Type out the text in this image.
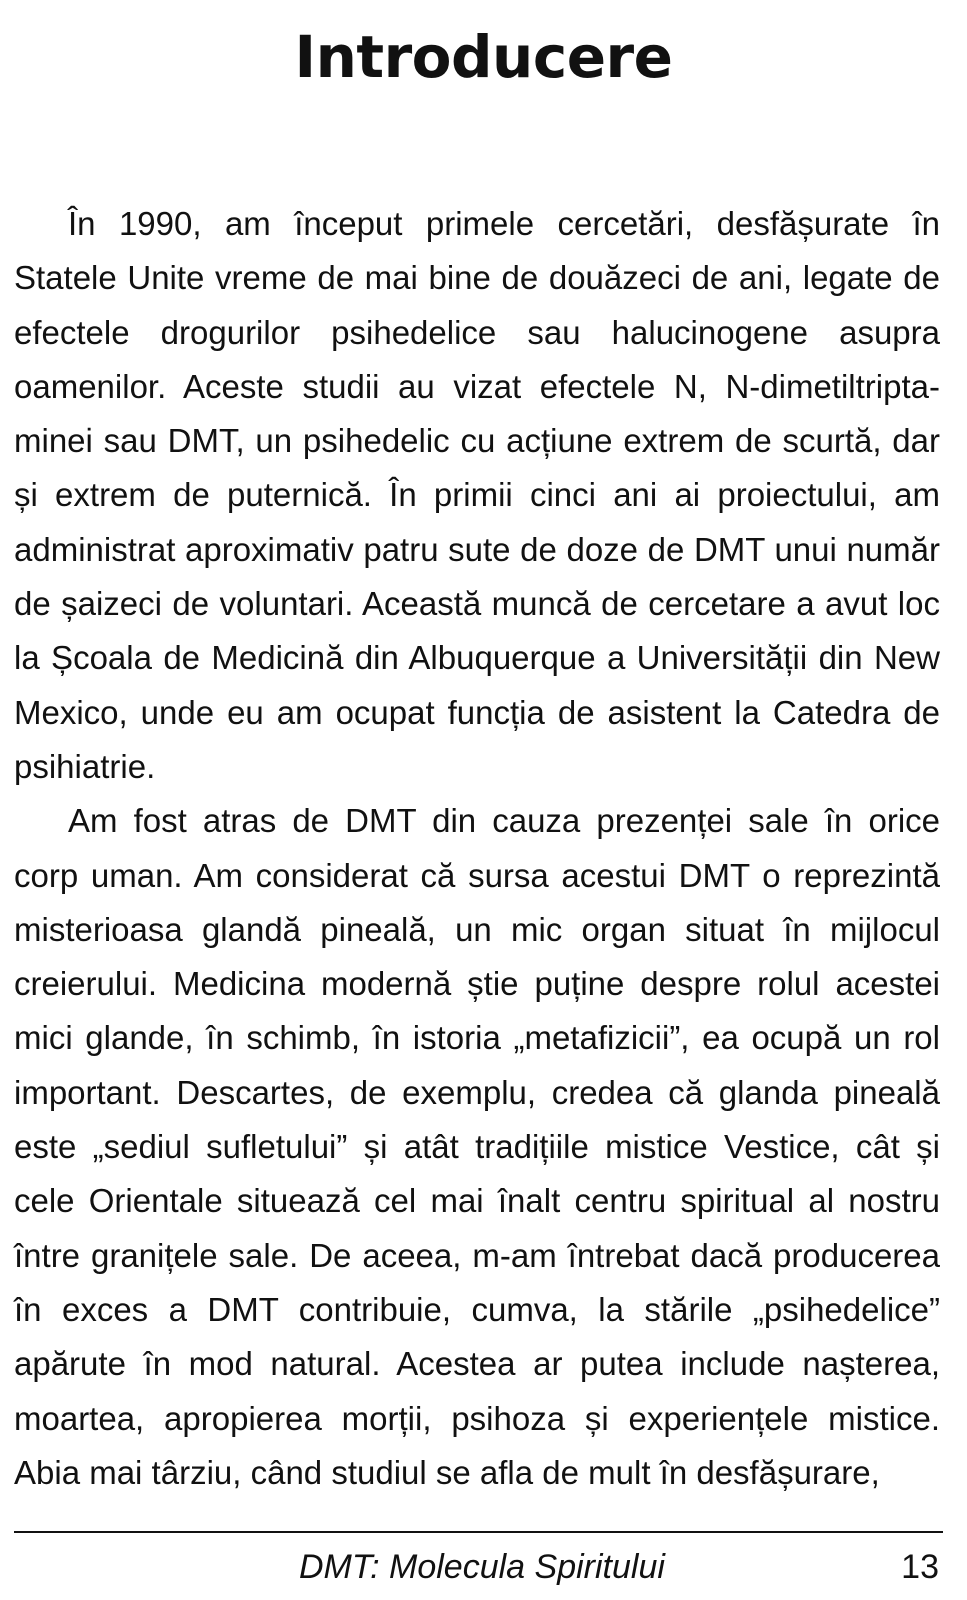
Introducere

În 1990, am început primele cercetări, desfășurate în Statele Unite vreme de mai bine de douăzeci de ani, legate de efectele drogurilor psihedelice sau halucinogene asupra oamenilor. Aceste studii au vizat efectele N, N-dimetiltriptamineі sau DMT, un psihedelic cu acțiune extrem de scurtă, dar și extrem de puternică. În primii cinci ani ai proiectului, am administrat aproximativ patru sute de doze de DMT unui număr de șaizeci de voluntari. Această muncă de cercetare a avut loc la Școala de Medicină din Albuquerque a Universității din New Mexico, unde eu am ocupat funcția de asistent la Catedra de psihiatrie.

Am fost atras de DMT din cauza prezenței sale în orice corp uman. Am considerat că sursa acestui DMT o reprezintă misterioasa glandă pineală, un mic organ situat în mijlocul creierului. Medicina modernă știe puține despre rolul acestei mici glande, în schimb, în istoria „metafizicii”, ea ocupă un rol important. Descartes, de exemplu, credea că glanda pineală este „sediul sufletului” și atât tradițiile mistice Vestice, cât și cele Orientale situează cel mai înalt centru spiritual al nostru între granițele sale. De aceea, m-am întrebat dacă producerea în exces a DMT contribuie, cumva, la stările „psihedelice” apărute în mod natural. Acestea ar putea include nașterea, moartea, apropierea morții, psihoza și experiențele mistice. Abia mai târziu, când studiul se afla de mult în desfășurare,

DMT: Molecula Spiritului	13
